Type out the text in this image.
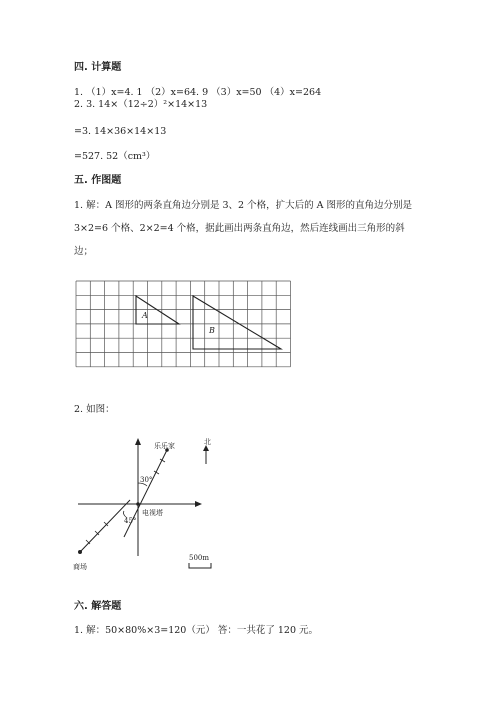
四. 计算题
1. （1）x=4. 1 （2）x=64. 9 （3）x=50 （4）x=264
2. 3. 14×（12÷2）²×14×13
=3. 14×36×14×13
=527. 52（cm³）
五. 作图题
1. 解：A 图形的两条直角边分别是 3、2 个格，扩大后的 A 图形的直角边分别是
3×2=6 个格、2×2=4 个格，据此画出两条直角边，然后连线画出三角形的斜
边；
A
B
2. 如图：
乐乐家
30°
电视塔
45°
商场
北
500m
六. 解答题
1. 解：50×80%×3=120（元） 答：一共花了 120 元。
